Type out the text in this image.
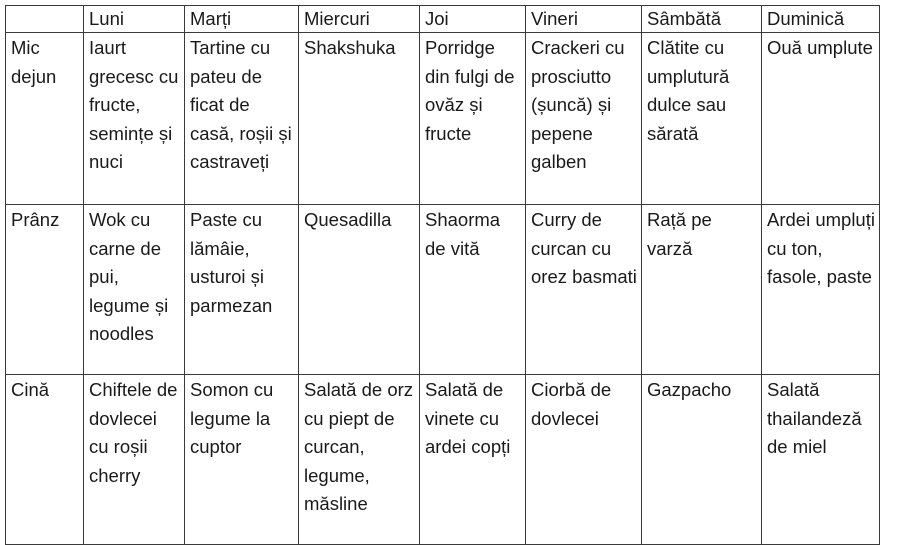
	Luni	Marți	Miercuri	Joi	Vineri	Sâmbătă	Duminică
Mic dejun	Iaurt grecesc cu fructe, semințe și nuci	Tartine cu pateu de ficat de casă, roșii și castraveți	Shakshuka	Porridge din fulgi de ovăz și fructe	Crackeri cu prosciutto (șuncă) și pepene galben	Clătite cu umplutură dulce sau sărată	Ouă umplute
Prânz	Wok cu carne de pui, legume și noodles	Paste cu lămâie, usturoi și parmezan	Quesadilla	Shaorma de vită	Curry de curcan cu orez basmati	Rață pe varză	Ardei umpluți cu ton, fasole, paste
Cină	Chiftele de dovlecei cu roșii cherry	Somon cu legume la cuptor	Salată de orz cu piept de curcan, legume, măsline	Salată de vinete cu ardei copți	Ciorbă de dovlecei	Gazpacho	Salată thailandeză de miel
